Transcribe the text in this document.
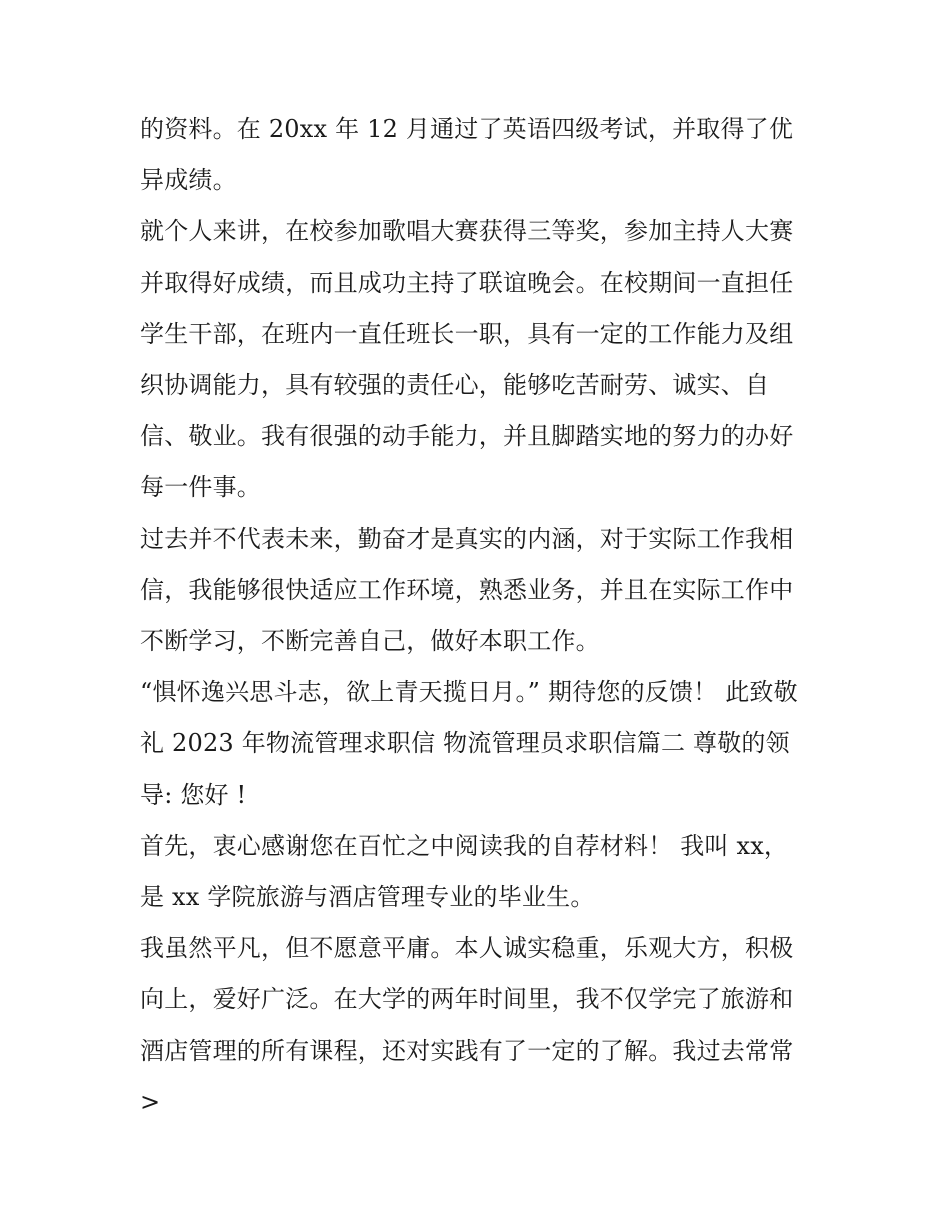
的资料。在 20xx 年 12 月通过了英语四级考试，并取得了优异成绩。

就个人来讲，在校参加歌唱大赛获得三等奖，参加主持人大赛并取得好成绩，而且成功主持了联谊晚会。在校期间一直担任学生干部，在班内一直任班长一职，具有一定的工作能力及组织协调能力，具有较强的责任心，能够吃苦耐劳、诚实、自信、敬业。我有很强的动手能力，并且脚踏实地的努力的办好每一件事。

过去并不代表未来，勤奋才是真实的内涵，对于实际工作我相信，我能够很快适应工作环境，熟悉业务，并且在实际工作中不断学习，不断完善自己，做好本职工作。

“惧怀逸兴思斗志，欲上青天揽日月。” 期待您的反馈！ 此致敬礼 2023 年物流管理求职信 物流管理员求职信篇二 尊敬的领导: 您好 !

首先，衷心感谢您在百忙之中阅读我的自荐材料！ 我叫 xx，是 xx 学院旅游与酒店管理专业的毕业生。

我虽然平凡，但不愿意平庸。本人诚实稳重，乐观大方，积极向上，爱好广泛。在大学的两年时间里，我不仅学完了旅游和酒店管理的所有课程，还对实践有了一定的了解。我过去常常

>
